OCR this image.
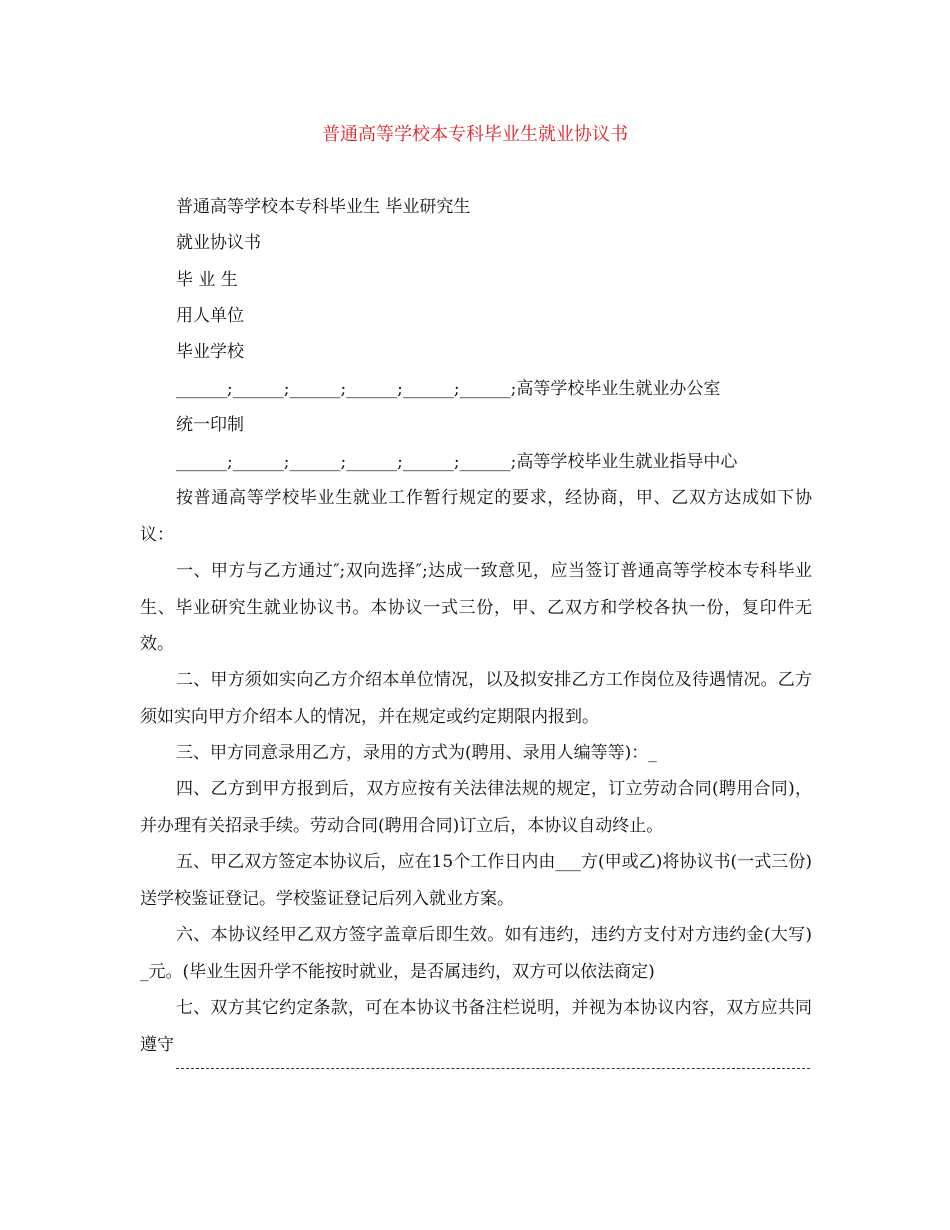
普通高等学校本专科毕业生就业协议书
普通高等学校本专科毕业生 毕业研究生
就业协议书
毕 业 生
用人单位
毕业学校
______;______;______;______;______;______;高等学校毕业生就业办公室
统一印制
______;______;______;______;______;______;高等学校毕业生就业指导中心
按普通高等学校毕业生就业工作暂行规定的要求，经协商，甲、乙双方达成如下协议：
一、甲方与乙方通过″;双向选择″;达成一致意见，应当签订普通高等学校本专科毕业生、毕业研究生就业协议书。本协议一式三份，甲、乙双方和学校各执一份，复印件无效。
二、甲方须如实向乙方介绍本单位情况，以及拟安排乙方工作岗位及待遇情况。乙方须如实向甲方介绍本人的情况，并在规定或约定期限内报到。
三、甲方同意录用乙方，录用的方式为(聘用、录用人编等等)：_
四、乙方到甲方报到后，双方应按有关法律法规的规定，订立劳动合同(聘用合同)，并办理有关招录手续。劳动合同(聘用合同)订立后，本协议自动终止。
五、甲乙双方签定本协议后，应在15个工作日内由___方(甲或乙)将协议书(一式三份)送学校鉴证登记。学校鉴证登记后列入就业方案。
六、本协议经甲乙双方签字盖章后即生效。如有违约，违约方支付对方违约金(大写) _元。(毕业生因升学不能按时就业，是否属违约，双方可以依法商定)
七、双方其它约定条款，可在本协议书备注栏说明，并视为本协议内容，双方应共同遵守
